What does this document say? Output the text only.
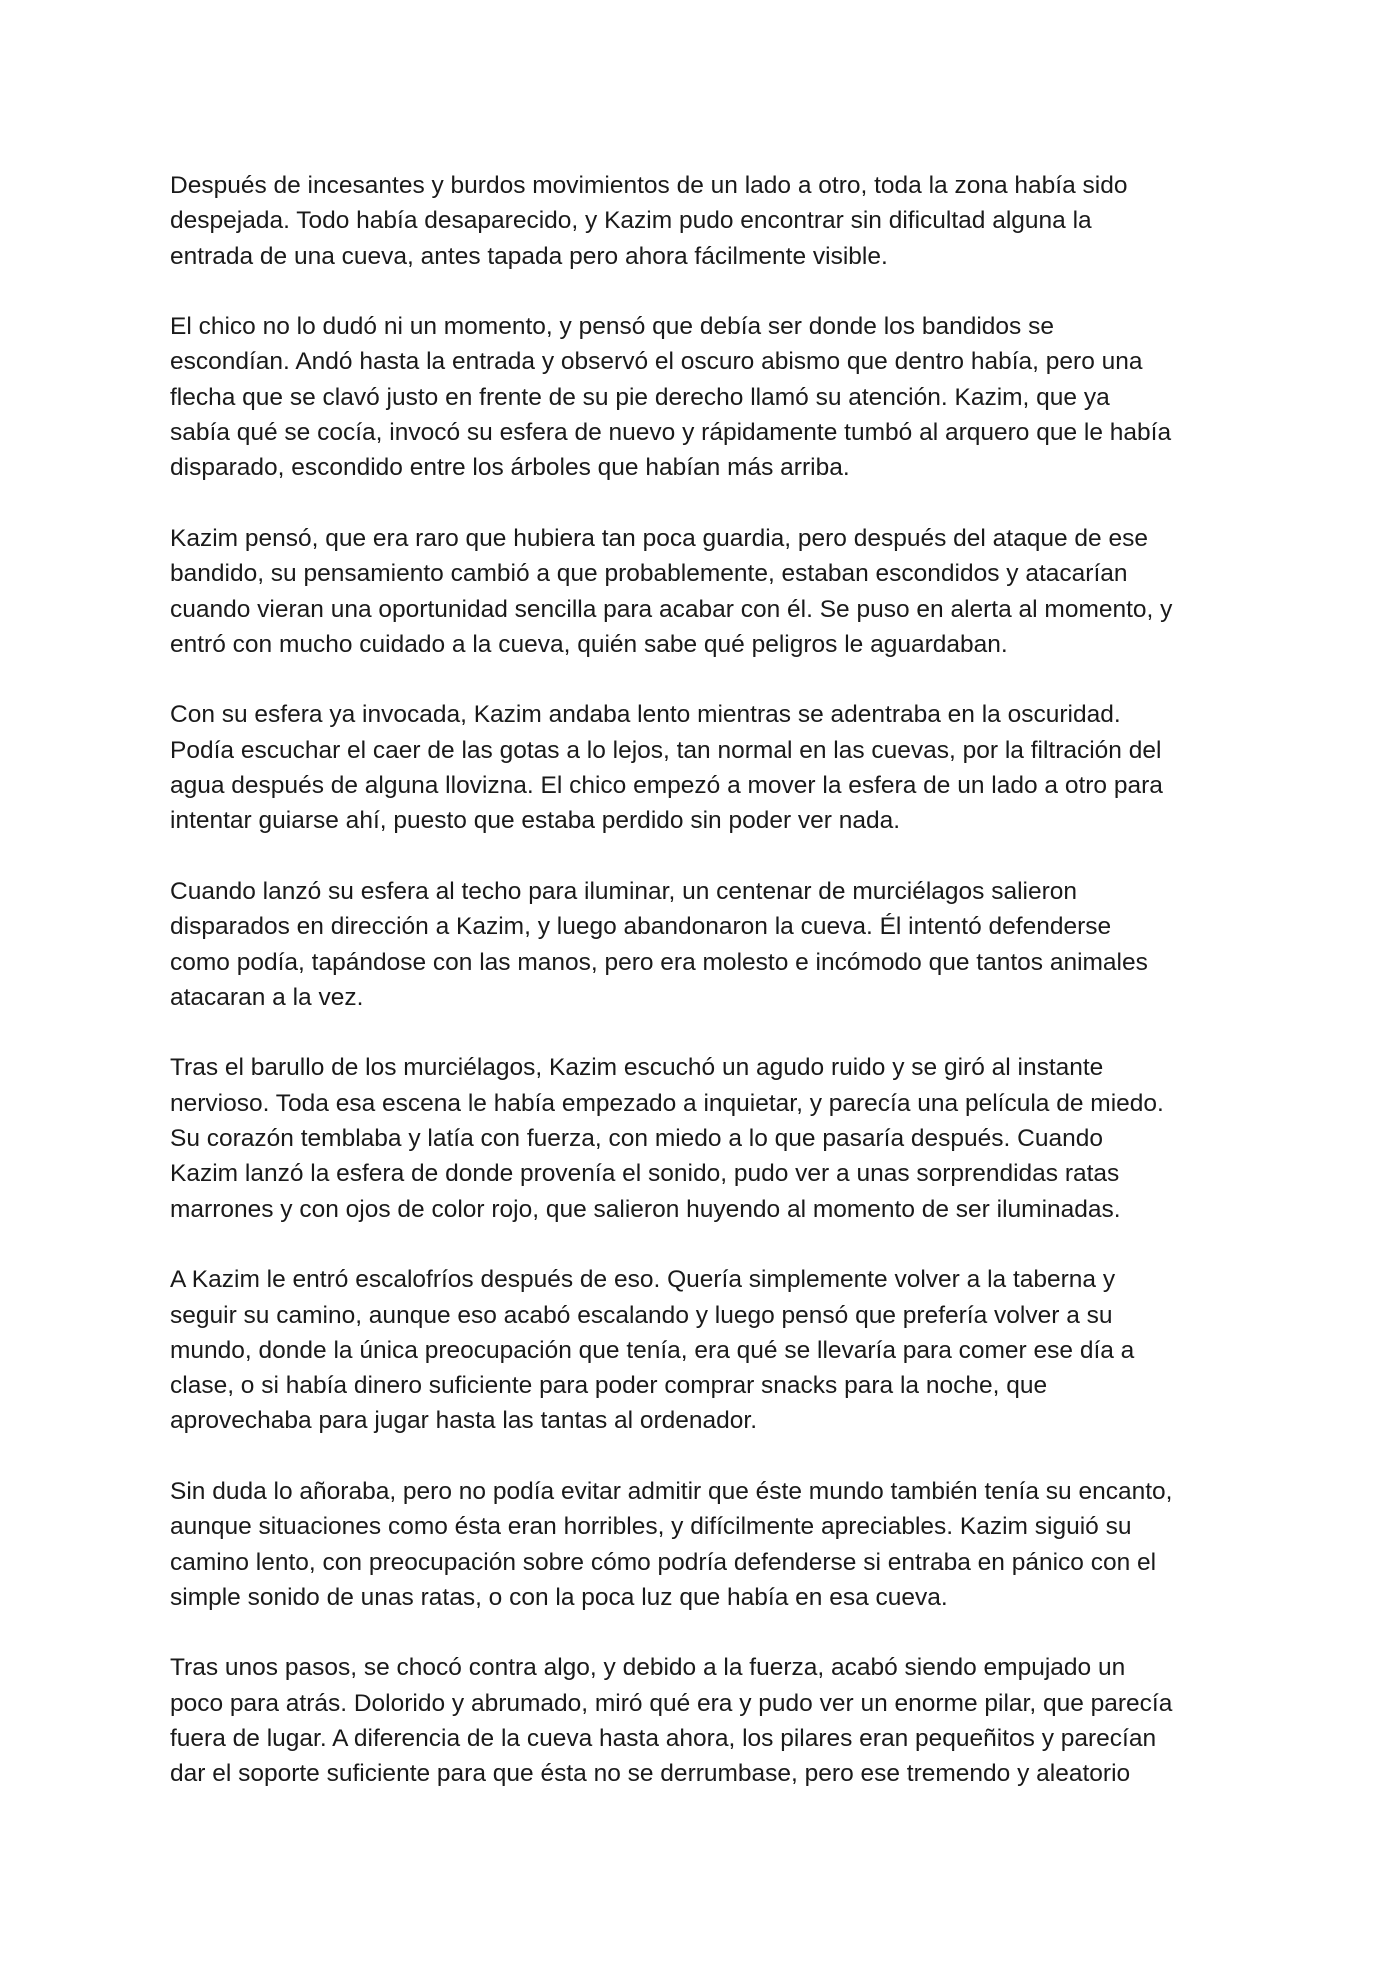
Después de incesantes y burdos movimientos de un lado a otro, toda la zona había sido
despejada. Todo había desaparecido, y Kazim pudo encontrar sin dificultad alguna la
entrada de una cueva, antes tapada pero ahora fácilmente visible.

El chico no lo dudó ni un momento, y pensó que debía ser donde los bandidos se
escondían. Andó hasta la entrada y observó el oscuro abismo que dentro había, pero una
flecha que se clavó justo en frente de su pie derecho llamó su atención. Kazim, que ya
sabía qué se cocía, invocó su esfera de nuevo y rápidamente tumbó al arquero que le había
disparado, escondido entre los árboles que habían más arriba.

Kazim pensó, que era raro que hubiera tan poca guardia, pero después del ataque de ese
bandido, su pensamiento cambió a que probablemente, estaban escondidos y atacarían
cuando vieran una oportunidad sencilla para acabar con él. Se puso en alerta al momento, y
entró con mucho cuidado a la cueva, quién sabe qué peligros le aguardaban.

Con su esfera ya invocada, Kazim andaba lento mientras se adentraba en la oscuridad.
Podía escuchar el caer de las gotas a lo lejos, tan normal en las cuevas, por la filtración del
agua después de alguna llovizna. El chico empezó a mover la esfera de un lado a otro para
intentar guiarse ahí, puesto que estaba perdido sin poder ver nada.

Cuando lanzó su esfera al techo para iluminar, un centenar de murciélagos salieron
disparados en dirección a Kazim, y luego abandonaron la cueva. Él intentó defenderse
como podía, tapándose con las manos, pero era molesto e incómodo que tantos animales
atacaran a la vez.

Tras el barullo de los murciélagos, Kazim escuchó un agudo ruido y se giró al instante
nervioso. Toda esa escena le había empezado a inquietar, y parecía una película de miedo.
Su corazón temblaba y latía con fuerza, con miedo a lo que pasaría después. Cuando
Kazim lanzó la esfera de donde provenía el sonido, pudo ver a unas sorprendidas ratas
marrones y con ojos de color rojo, que salieron huyendo al momento de ser iluminadas.

A Kazim le entró escalofríos después de eso. Quería simplemente volver a la taberna y
seguir su camino, aunque eso acabó escalando y luego pensó que prefería volver a su
mundo, donde la única preocupación que tenía, era qué se llevaría para comer ese día a
clase, o si había dinero suficiente para poder comprar snacks para la noche, que
aprovechaba para jugar hasta las tantas al ordenador.

Sin duda lo añoraba, pero no podía evitar admitir que éste mundo también tenía su encanto,
aunque situaciones como ésta eran horribles, y difícilmente apreciables. Kazim siguió su
camino lento, con preocupación sobre cómo podría defenderse si entraba en pánico con el
simple sonido de unas ratas, o con la poca luz que había en esa cueva.

Tras unos pasos, se chocó contra algo, y debido a la fuerza, acabó siendo empujado un
poco para atrás. Dolorido y abrumado, miró qué era y pudo ver un enorme pilar, que parecía
fuera de lugar. A diferencia de la cueva hasta ahora, los pilares eran pequeñitos y parecían
dar el soporte suficiente para que ésta no se derrumbase, pero ese tremendo y aleatorio
